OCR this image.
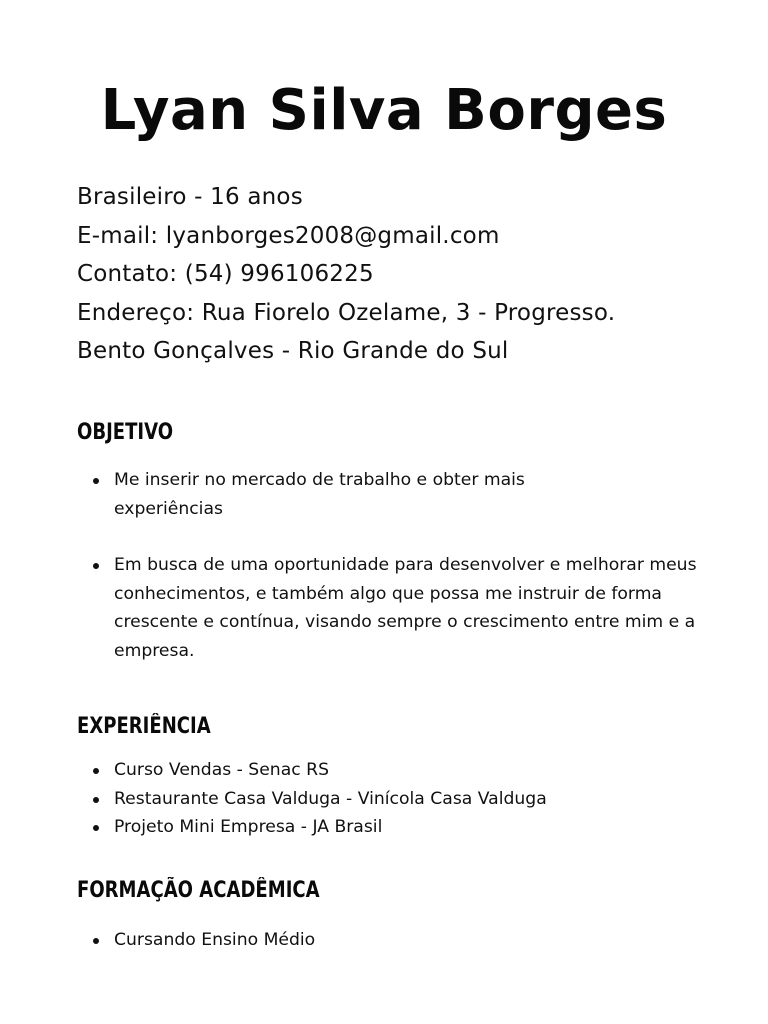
Lyan Silva Borges
Brasileiro - 16 anos
E-mail: lyanborges2008@gmail.com
Contato: (54) 996106225
Endereço: Rua Fiorelo Ozelame, 3 - Progresso.
Bento Gonçalves - Rio Grande do Sul
OBJETIVO
Me inserir no mercado de trabalho e obter mais experiências
Em busca de uma oportunidade para desenvolver e melhorar meus conhecimentos, e também algo que possa me instruir de forma crescente e contínua, visando sempre o crescimento entre mim e a empresa.
EXPERIÊNCIA
Curso Vendas - Senac RS
Restaurante Casa Valduga - Vinícola Casa Valduga
Projeto Mini Empresa - JA Brasil
FORMAÇÃO ACADÊMICA
Cursando Ensino Médio
